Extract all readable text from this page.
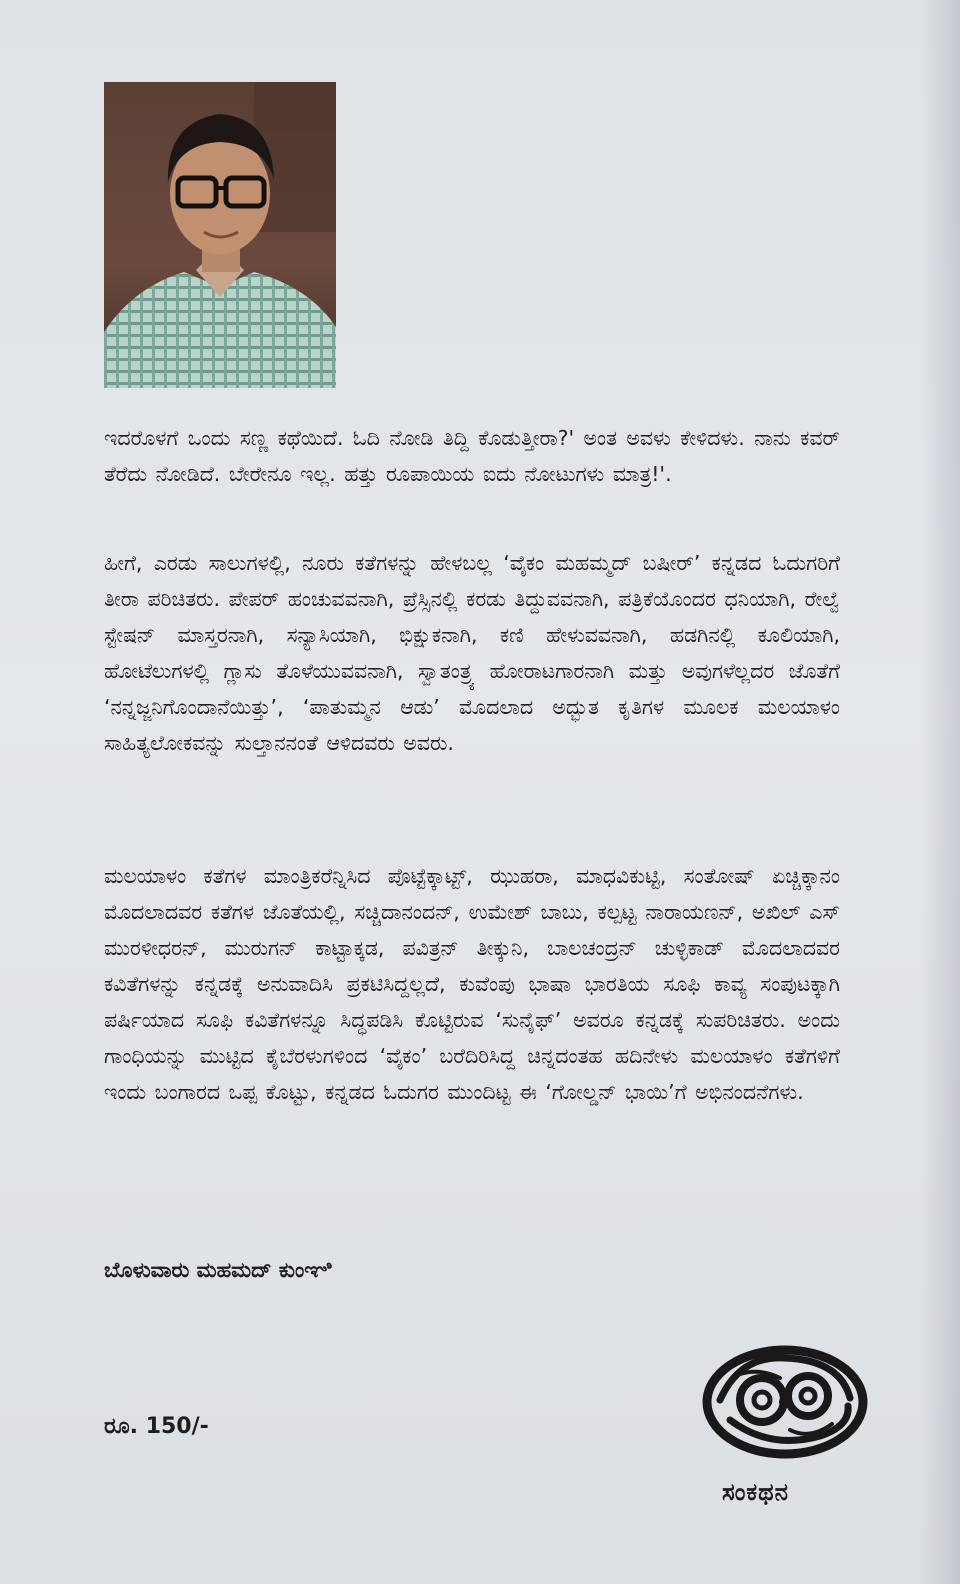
ಇದರೊಳಗೆ ಒಂದು ಸಣ್ಣ ಕಥೆಯಿದೆ. ಓದಿ ನೋಡಿ ತಿದ್ದಿ ಕೊಡುತ್ತೀರಾ?' ಅಂತ ಅವಳು ಕೇಳಿದಳು. ನಾನು ಕವರ್ ತೆರೆದು ನೋಡಿದೆ. ಬೇರೇನೂ ಇಲ್ಲ. ಹತ್ತು ರೂಪಾಯಿಯ ಐದು ನೋಟುಗಳು ಮಾತ್ರ!'.

ಹೀಗೆ, ಎರಡು ಸಾಲುಗಳಲ್ಲಿ, ನೂರು ಕತೆಗಳನ್ನು ಹೇಳಬಲ್ಲ ‘ವೈಕಂ ಮಹಮ್ಮದ್ ಬಷೀರ್’ ಕನ್ನಡದ ಓದುಗರಿಗೆ ತೀರಾ ಪರಿಚಿತರು. ಪೇಪರ್ ಹಂಚುವವನಾಗಿ, ಪ್ರೆಸ್ಸಿನಲ್ಲಿ ಕರಡು ತಿದ್ದುವವನಾಗಿ, ಪತ್ರಿಕೆಯೊಂದರ ಧನಿಯಾಗಿ, ರೇಲ್ವೆ ಸ್ಟೇಷನ್ ಮಾಸ್ತರನಾಗಿ, ಸನ್ಯಾಸಿಯಾಗಿ, ಭಿಕ್ಷುಕನಾಗಿ, ಕಣಿ ಹೇಳುವವನಾಗಿ, ಹಡಗಿನಲ್ಲಿ ಕೂಲಿಯಾಗಿ, ಹೋಟೆಲುಗಳಲ್ಲಿ ಗ್ಲಾಸು ತೊಳೆಯುವವನಾಗಿ, ಸ್ವಾತಂತ್ರ್ಯ ಹೋರಾಟಗಾರನಾಗಿ ಮತ್ತು ಅವುಗಳೆಲ್ಲದರ ಜೊತೆಗೆ ‘ನನ್ನಜ್ಜನಿಗೊಂದಾನೆಯಿತ್ತು’, ‘ಪಾತುಮ್ಮನ ಆಡು’ ಮೊದಲಾದ ಅದ್ಭುತ ಕೃತಿಗಳ ಮೂಲಕ ಮಲಯಾಳಂ ಸಾಹಿತ್ಯಲೋಕವನ್ನು ಸುಲ್ತಾನನಂತೆ ಆಳಿದವರು ಅವರು.

ಮಲಯಾಳಂ ಕತೆಗಳ ಮಾಂತ್ರಿಕರೆನ್ನಿಸಿದ ಪೊಟ್ಟೆಕ್ಕಾಟ್ಟ್, ಝುಹರಾ, ಮಾಧವಿಕುಟ್ಟಿ, ಸಂತೋಷ್ ಏಚ್ಚಿಕ್ಕಾನಂ ಮೊದಲಾದವರ ಕತೆಗಳ ಜೊತೆಯಲ್ಲಿ, ಸಚ್ಚಿದಾನಂದನ್, ಉಮೇಶ್ ಬಾಬು, ಕಲ್ಪಟ್ಟ ನಾರಾಯಣನ್, ಅಖಿಲ್ ಎಸ್ ಮುರಳೀಧರನ್, ಮುರುಗನ್ ಕಾಟ್ಟಾಕ್ಕಡ, ಪವಿತ್ರನ್ ತೀಕ್ಕುನಿ, ಬಾಲಚಂದ್ರನ್ ಚುಳ್ಳಿಕಾಡ್ ಮೊದಲಾದವರ ಕವಿತೆಗಳನ್ನು ಕನ್ನಡಕ್ಕೆ ಅನುವಾದಿಸಿ ಪ್ರಕಟಿಸಿದ್ದಲ್ಲದೆ, ಕುವೆಂಪು ಭಾಷಾ ಭಾರತಿಯ ಸೂಫಿ ಕಾವ್ಯ ಸಂಪುಟಕ್ಕಾಗಿ ಪರ್ಷಿಯಾದ ಸೂಫಿ ಕವಿತೆಗಳನ್ನೂ ಸಿದ್ಧಪಡಿಸಿ ಕೊಟ್ಟಿರುವ ‘ಸುನೈಫ್’ ಅವರೂ ಕನ್ನಡಕ್ಕೆ ಸುಪರಿಚಿತರು. ಅಂದು ಗಾಂಧಿಯನ್ನು ಮುಟ್ಟಿದ ಕೈಬೆರಳುಗಳಿಂದ ‘ವೈಕಂ’ ಬರೆದಿರಿಸಿದ್ದ ಚಿನ್ನದಂತಹ ಹದಿನೇಳು ಮಲಯಾಳಂ ಕತೆಗಳಿಗೆ ಇಂದು ಬಂಗಾರದ ಒಪ್ಪ ಕೊಟ್ಟು, ಕನ್ನಡದ ಓದುಗರ ಮುಂದಿಟ್ಟ ಈ ‘ಗೋಲ್ಡನ್ ಭಾಯಿ’ಗೆ ಅಭಿನಂದನೆಗಳು.

ಬೊಳುವಾರು ಮಹಮದ್ ಕುಂಞಿ

ರೂ. 150/-
ಸಂಕಥನ
